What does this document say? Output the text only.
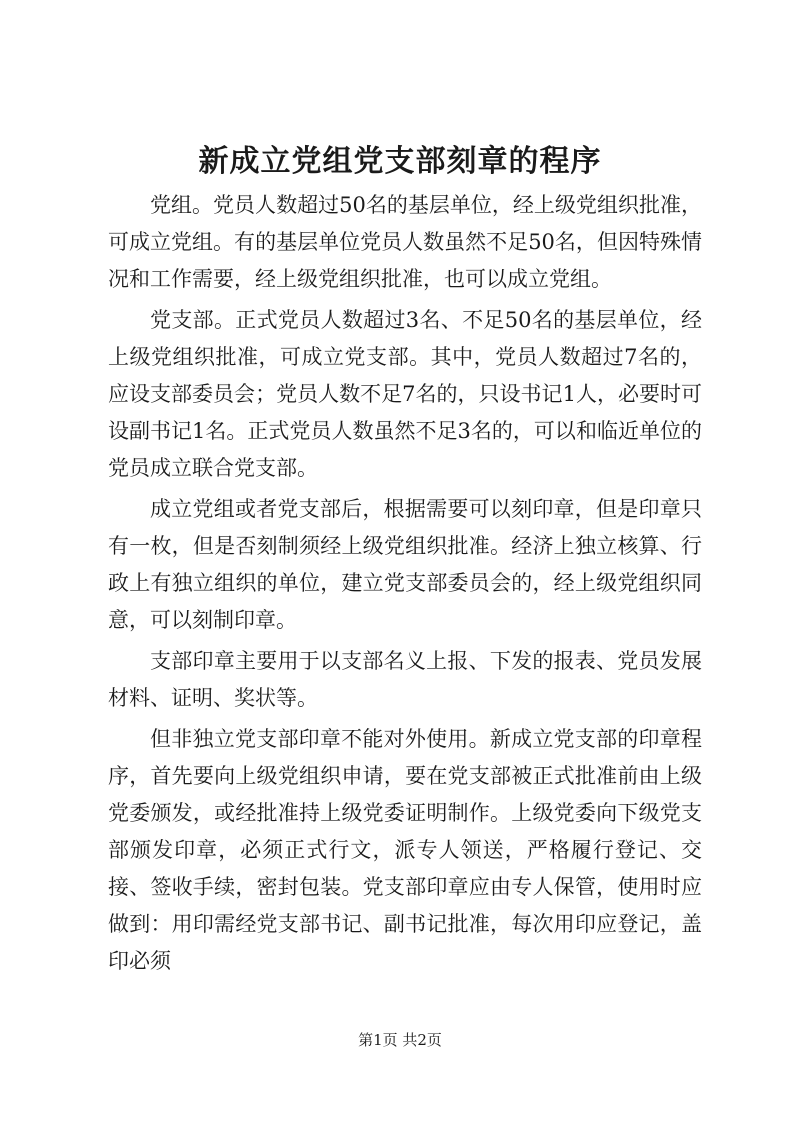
新成立党组党支部刻章的程序

党组。党员人数超过50名的基层单位，经上级党组织批准，可成立党组。有的基层单位党员人数虽然不足50名，但因特殊情况和工作需要，经上级党组织批准，也可以成立党组。

党支部。正式党员人数超过3名、不足50名的基层单位，经上级党组织批准，可成立党支部。其中，党员人数超过7名的，应设支部委员会；党员人数不足7名的，只设书记1人，必要时可设副书记1名。正式党员人数虽然不足3名的，可以和临近单位的党员成立联合党支部。

成立党组或者党支部后，根据需要可以刻印章，但是印章只有一枚，但是否刻制须经上级党组织批准。经济上独立核算、行政上有独立组织的单位，建立党支部委员会的，经上级党组织同意，可以刻制印章。

支部印章主要用于以支部名义上报、下发的报表、党员发展材料、证明、奖状等。

但非独立党支部印章不能对外使用。新成立党支部的印章程序，首先要向上级党组织申请，要在党支部被正式批准前由上级党委颁发，或经批准持上级党委证明制作。上级党委向下级党支部颁发印章，必须正式行文，派专人领送，严格履行登记、交接、签收手续，密封包装。党支部印章应由专人保管，使用时应做到：用印需经党支部书记、副书记批准，每次用印应登记，盖印必须

第1页 共2页
